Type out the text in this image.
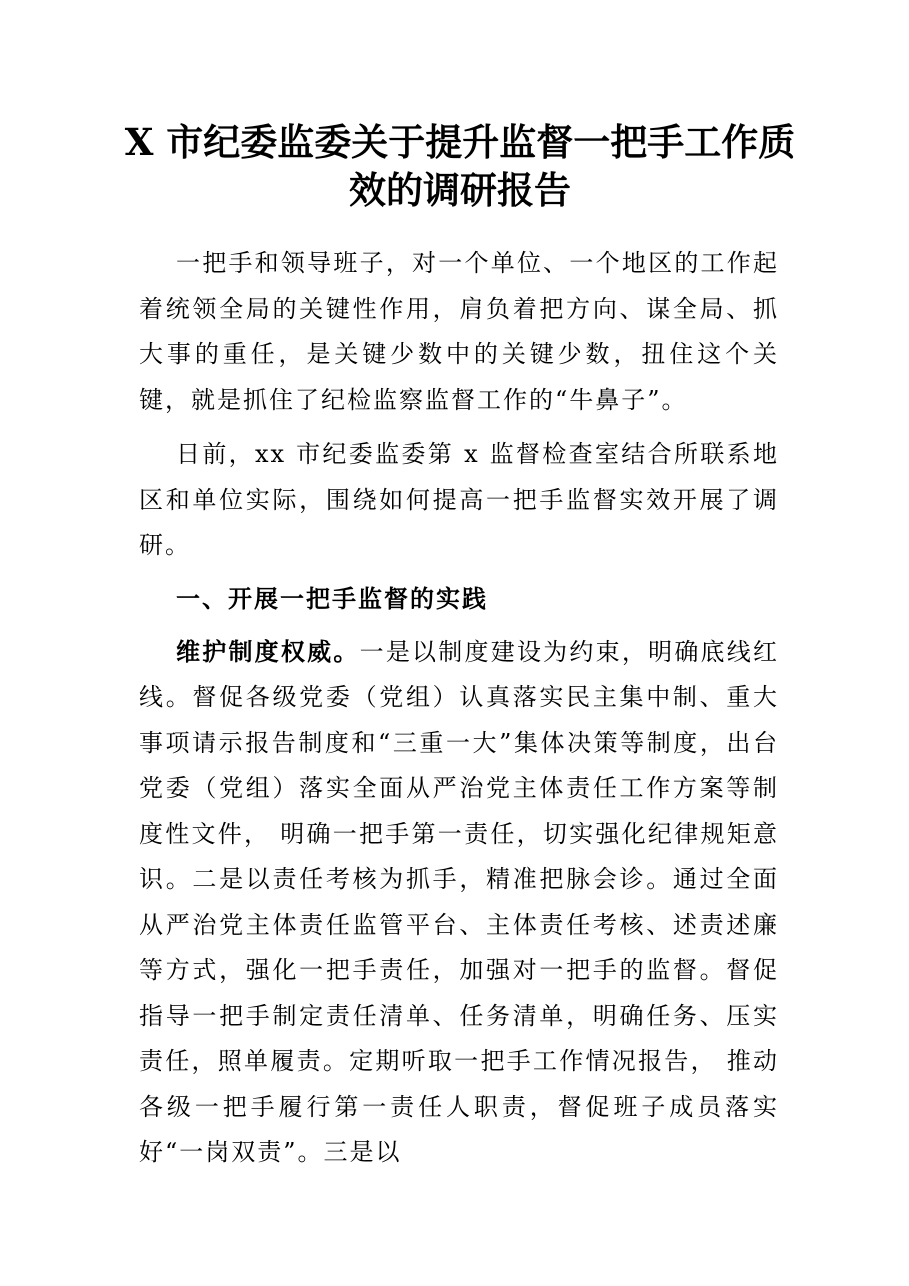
X 市纪委监委关于提升监督一把手工作质
效的调研报告

一把手和领导班子，对一个单位、一个地区的工作起着统领全局的关键性作用，肩负着把方向、谋全局、抓大事的重任，是关键少数中的关键少数，扭住这个关键，就是抓住了纪检监察监督工作的“牛鼻子”。

日前，xx 市纪委监委第 x 监督检查室结合所联系地区和单位实际，围绕如何提高一把手监督实效开展了调研。

一、开展一把手监督的实践

维护制度权威。一是以制度建设为约束，明确底线红线。督促各级党委（党组）认真落实民主集中制、重大事项请示报告制度和“三重一大”集体决策等制度，出台党委（党组）落实全面从严治党主体责任工作方案等制度性文件， 明确一把手第一责任，切实强化纪律规矩意识。二是以责任考核为抓手，精准把脉会诊。通过全面从严治党主体责任监管平台、主体责任考核、述责述廉等方式，强化一把手责任，加强对一把手的监督。督促指导一把手制定责任清单、任务清单，明确任务、压实责任，照单履责。定期听取一把手工作情况报告， 推动各级一把手履行第一责任人职责，督促班子成员落实好“一岗双责”。三是以
